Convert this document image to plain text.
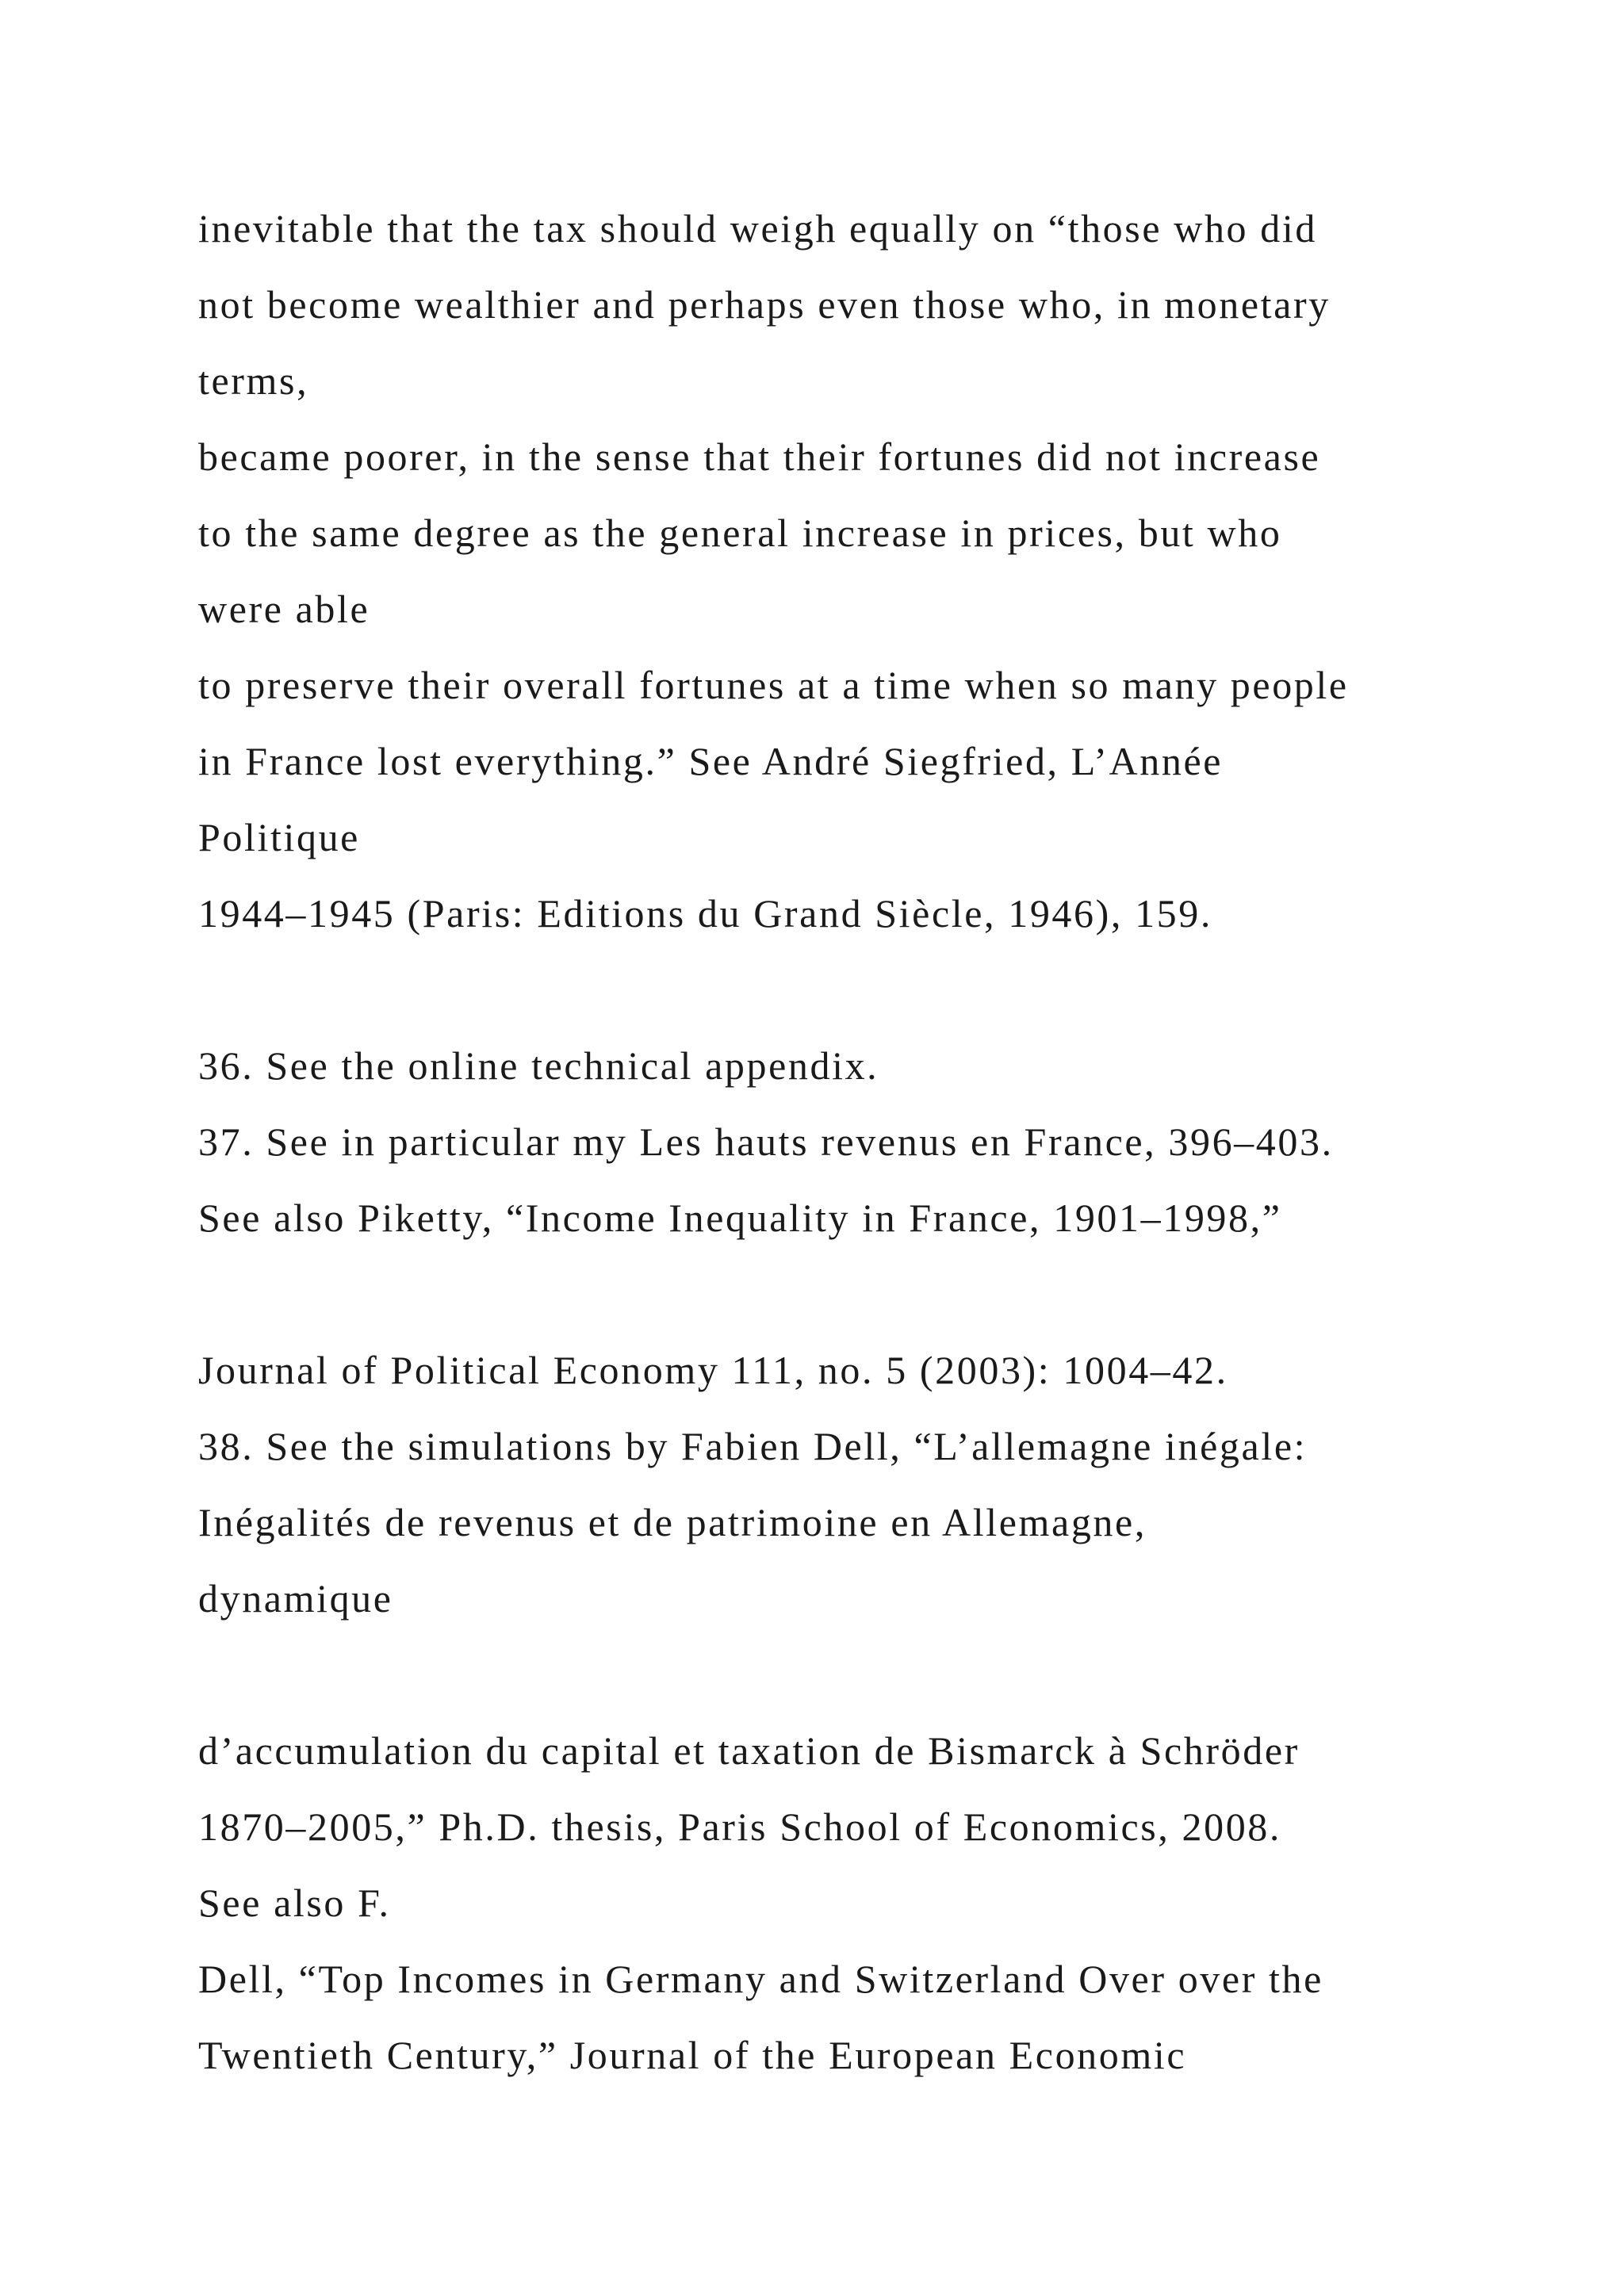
inevitable that the tax should weigh equally on “those who did
not become wealthier and perhaps even those who, in monetary
terms,
became poorer, in the sense that their fortunes did not increase
to the same degree as the general increase in prices, but who
were able
to preserve their overall fortunes at a time when so many people
in France lost everything.” See André Siegfried, L’Année
Politique
1944–1945 (Paris: Editions du Grand Siècle, 1946), 159.
36. See the online technical appendix.
37. See in particular my Les hauts revenus en France, 396–403.
See also Piketty, “Income Inequality in France, 1901–1998,”
Journal of Political Economy 111, no. 5 (2003): 1004–42.
38. See the simulations by Fabien Dell, “L’allemagne inégale:
Inégalités de revenus et de patrimoine en Allemagne,
dynamique
d’accumulation du capital et taxation de Bismarck à Schröder
1870–2005,” Ph.D. thesis, Paris School of Economics, 2008.
See also F.
Dell, “Top Incomes in Germany and Switzerland Over over the
Twentieth Century,” Journal of the European Economic
